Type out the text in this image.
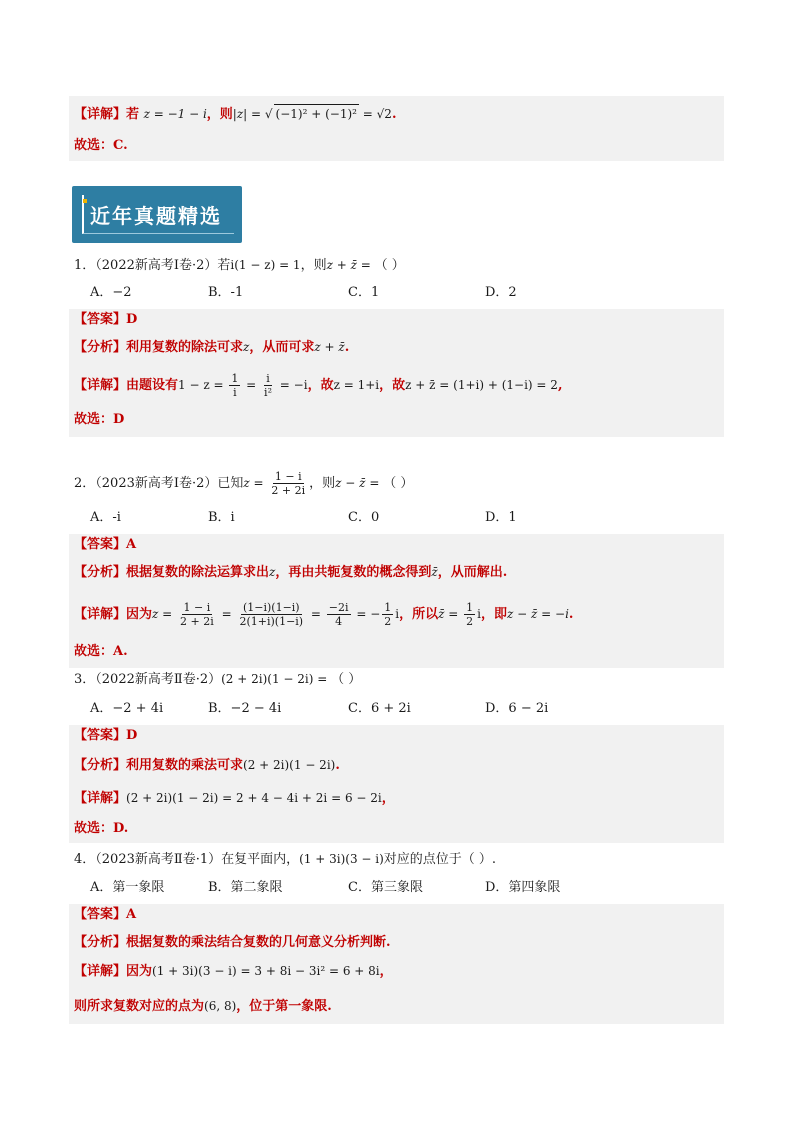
【详解】若 z = −1 − i，则|z| = √ (−1)² + (−1)² = √2.
故选：C.
近年真题精选
1．（2022新高考Ⅰ卷·2）若i(1 − z) = 1，则z + z̄ = （ ）
A．−2	B．-1	C．1	D．2
【答案】D
【分析】利用复数的除法可求z，从而可求z + z̄.
【详解】由题设有$1 - z = \frac{1}{i} = \frac{i}{\text{i²}} = -i$，故z = 1+i，故z + z̄ = (1+i) + (1−i) = 2,
故选：D
2．（2023新高考Ⅰ卷·2）已知$z = \frac{1 - i}{2 + 2i}$ ，则z − z̄ = （ ）
A．-i	B．i	C．0	D．1
【答案】A
【分析】根据复数的除法运算求出z，再由共轭复数的概念得到z̄，从而解出.
【详解】因为$z = \frac{1 - i}{2 + 2i} = \frac{(1-i)(1-i)}{2(1+i)(1-i)} = \frac{-2i}{4}$ = − $\frac{1}{2}$ i，所以z̄ = $\frac{1}{2}$ i，即z − z̄ = −i.
故选：A.
3．（2022新高考Ⅱ卷·2）(2 + 2i)(1 − 2i) = （ ）
A．−2 + 4i	B．−2 − 4i	C．6 + 2i	D．6 − 2i
【答案】D
【分析】利用复数的乘法可求(2 + 2i)(1 − 2i).
【详解】(2 + 2i)(1 − 2i) = 2 + 4 − 4i + 2i = 6 − 2i，
故选：D.
4．（2023新高考Ⅱ卷·1）在复平面内，(1 + 3i)(3 − i)对应的点位于（ ）.
A．第一象限	B．第二象限	C．第三象限	D．第四象限
【答案】A
【分析】根据复数的乘法结合复数的几何意义分析判断.
【详解】因为(1 + 3i)(3 − i) = 3 + 8i − 3i² = 6 + 8i，
则所求复数对应的点为(6, 8)，位于第一象限.
